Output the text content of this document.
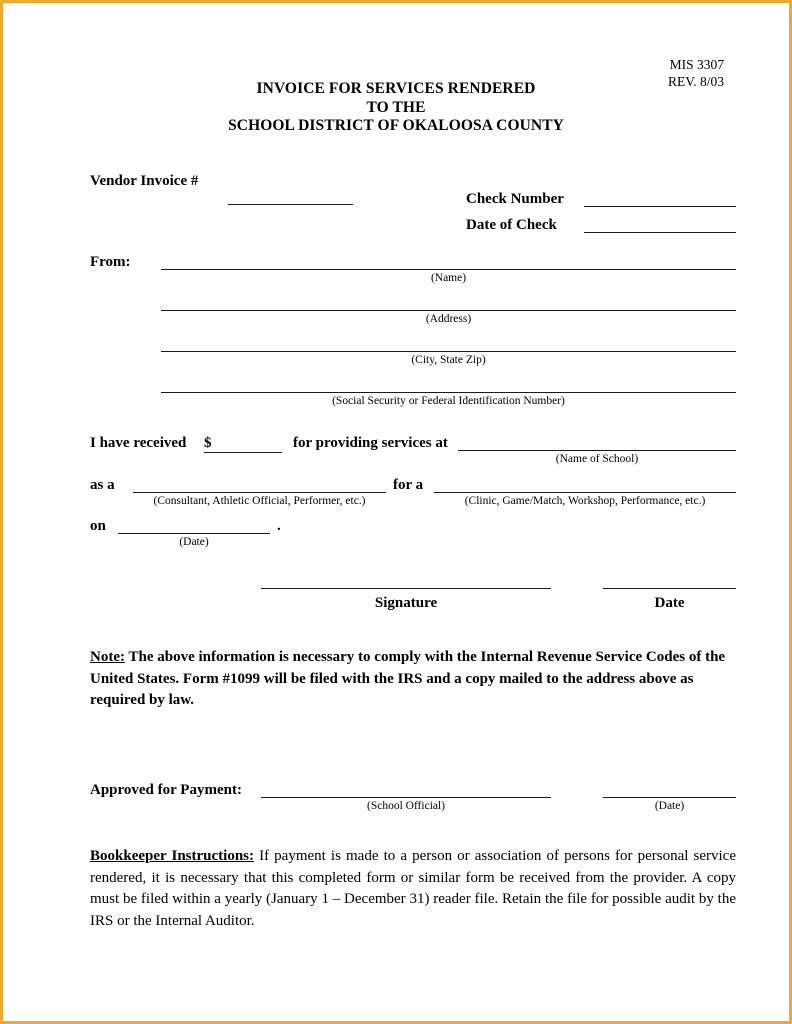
MIS 3307
REV. 8/03
INVOICE FOR SERVICES RENDERED
TO THE
SCHOOL DISTRICT OF OKALOOSA COUNTY
Vendor Invoice #
Check Number
Date of Check
From:
(Name)
(Address)
(City, State Zip)
(Social Security or Federal Identification Number)
I have received $	for providing services at
(Name of School)
as a
(Consultant, Athletic Official, Performer, etc.)
for a
(Clinic, Game/Match, Workshop, Performance, etc.)
on
(Date)
.
Signature	Date
Note: The above information is necessary to comply with the Internal Revenue Service Codes of the United States. Form #1099 will be filed with the IRS and a copy mailed to the address above as required by law.
Approved for Payment:
(School Official)	(Date)
Bookkeeper Instructions: If payment is made to a person or association of persons for personal service rendered, it is necessary that this completed form or similar form be received from the provider. A copy must be filed within a yearly (January 1 – December 31) reader file. Retain the file for possible audit by the IRS or the Internal Auditor.
